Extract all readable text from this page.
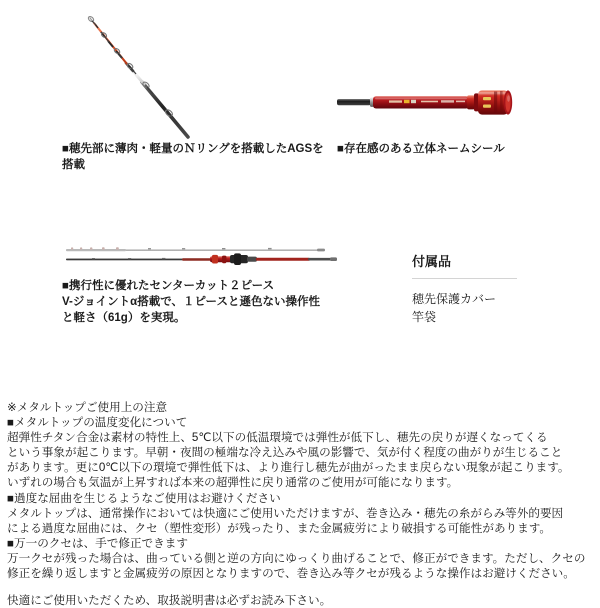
■穂先部に薄肉・軽量のＮリングを搭載したAGSを
搭載
■存在感のある立体ネームシール
■携行性に優れたセンターカット２ピース
V-ジョイントα搭載で、１ピースと遜色ない操作性
と軽さ（61g）を実現。
付属品
穂先保護カバー
竿袋
※メタルトップご使用上の注意
■メタルトップの温度変化について
超弾性チタン合金は素材の特性上、5℃以下の低温環境では弾性が低下し、穂先の戻りが遅くなってくる
という事象が起こります。早朝・夜間の極端な冷え込みや風の影響で、気が付く程度の曲がりが生じること
があります。更に0℃以下の環境で弾性低下は、より進行し穂先が曲がったまま戻らない現象が起こります。
いずれの場合も気温が上昇すれば本来の超弾性に戻り通常のご使用が可能になります。
■過度な屈曲を生じるようなご使用はお避けください
メタルトップは、通常操作においては快適にご使用いただけますが、巻き込み・穂先の糸がらみ等外的要因
による過度な屈曲には、クセ（塑性変形）が残ったり、また金属疲労により破損する可能性があります。
■万一のクセは、手で修正できます
万一クセが残った場合は、曲っている側と逆の方向にゆっくり曲げることで、修正ができます。ただし、クセの
修正を繰り返しますと金属疲労の原因となりますので、巻き込み等クセが残るような操作はお避けください。
快適にご使用いただくため、取扱説明書は必ずお読み下さい。
